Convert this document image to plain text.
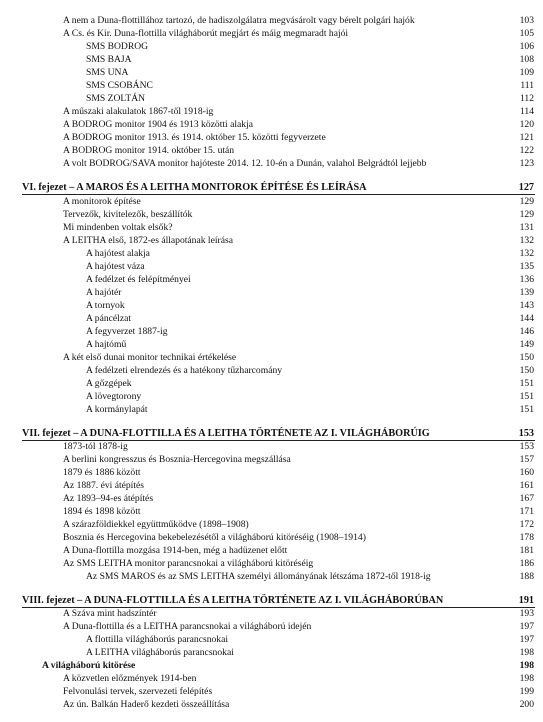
A nem a Duna-flottillához tartozó, de hadiszolgálatra megvásárolt vagy bérelt polgári hajók	103
A Cs. és Kir. Duna-flottilla világháborút megjárt és máig megmaradt hajói	105
SMS BODROG	106
SMS BAJA	108
SMS UNA	109
SMS CSOBÁNC	111
SMS ZOLTÁN	112
A műszaki alakulatok 1867-től 1918-ig	114
A BODROG monitor 1904 és 1913 közötti alakja	120
A BODROG monitor 1913. és 1914. október 15. közötti fegyverzete	121
A BODROG monitor 1914. október 15. után	122
A volt BODROG/SAVA monitor hajótestе 2014. 12. 10-én a Dunán, valahol Belgrádtól lejjebb	123
VI. fejezet – A MAROS ÉS A LEITHA MONITOROK ÉPÍTÉSE ÉS LEÍRÁSA	127
A monitorok építése	129
Tervezők, kivitelezők, beszállítók	129
Mi mindenben voltak elsők?	131
A LEITHA első, 1872-es állapotának leírása	132
A hajótest alakja	132
A hajótest váza	135
A fedélzet és felépítményei	136
A hajótér	139
A tornyok	143
A páncélzat	144
A fegyverzet 1887-ig	146
A hajtómű	149
A két első dunai monitor technikai értékelése	150
A fedélzeti elrendezés és a hatékony tűzharcomány	150
A gőzgépek	151
A lövegtorony	151
A kormánylapát	151
VII. fejezet – A DUNA-FLOTTILLA ÉS A LEITHA TÖRTÉNETE AZ I. VILÁGHÁBORÚIG	153
1873-tól 1878-ig	153
A berlini kongresszus és Bosznia-Hercegovina megszállása	157
1879 és 1886 között	160
Az 1887. évi átépítés	161
Az 1893–94-es átépítés	167
1894 és 1898 között	171
A szárazföldiekkel együttműködve (1898–1908)	172
Bosznia és Hercegovina bekebelezésétől a világháború kitöréséig (1908–1914)	178
A Duna-flottilla mozgása 1914-ben, még a hadüzenet előtt	181
Az SMS LEITHA monitor parancsnokai a világháború kitöréséig	186
Az SMS MAROS és az SMS LEITHA személyi állományának létszáma 1872-től 1918-ig	188
VIII. fejezet – A DUNA-FLOTTILLA ÉS A LEITHA TÖRTÉNETE AZ I. VILÁGHÁBORÚBAN	191
A Száva mint hadszíntér	193
A Duna-flottilla és a LEITHA parancsnokai a világháború idején	197
A flottilla világháborús parancsnokai	197
A LEITHA világháborús parancsnokai	198
A világháború kitörése	198
A közvetlen előzmények 1914-ben	198
Felvonulási tervek, szervezeti felépítés	199
Az ún. Balkán Haderő kezdeti összeállítása	200
